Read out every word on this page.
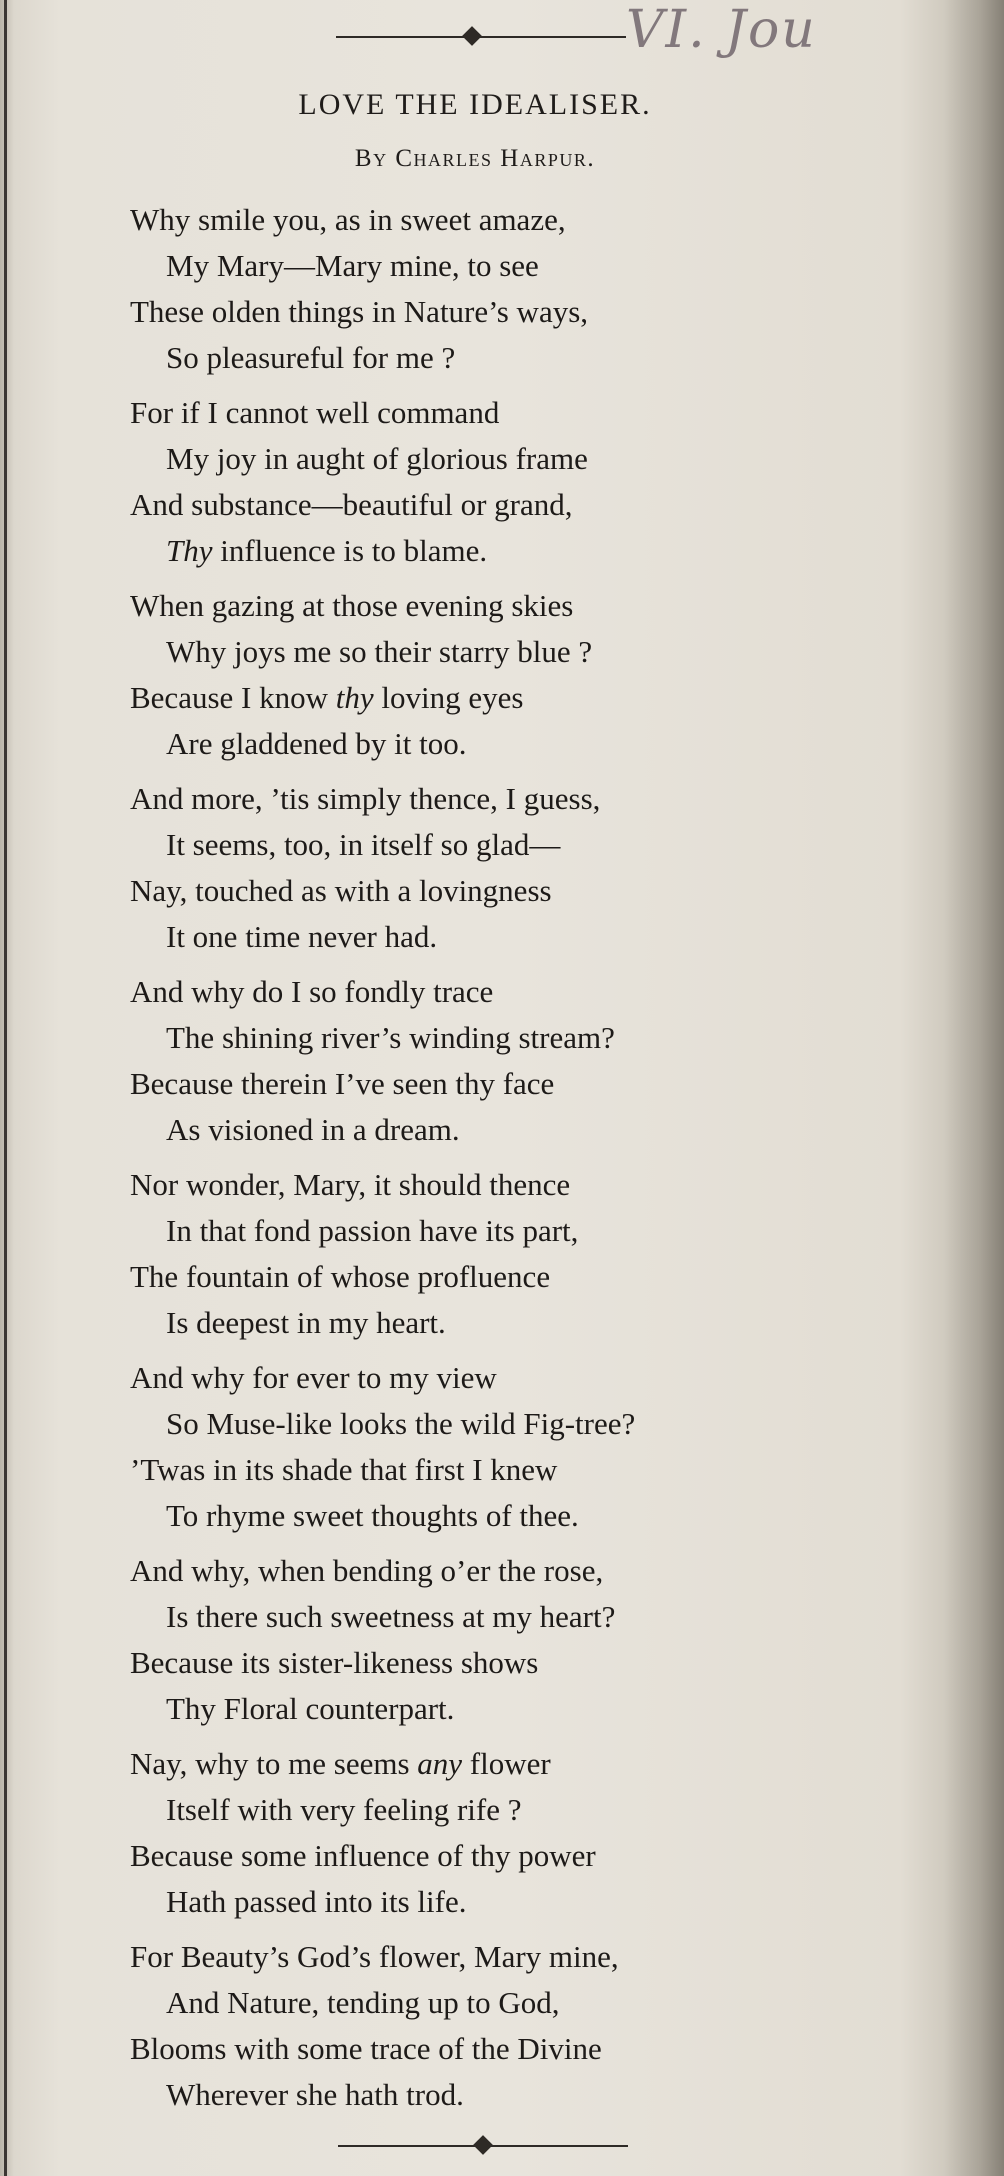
VI. Jou
LOVE THE IDEALISER.
By Charles Harpur.
Why smile you, as in sweet amaze,
My Mary—Mary mine, to see
These olden things in Nature’s ways,
So pleasureful for me ?
For if I cannot well command
My joy in aught of glorious frame
And substance—beautiful or grand,
Thy influence is to blame.
When gazing at those evening skies
Why joys me so their starry blue ?
Because I know thy loving eyes
Are gladdened by it too.
And more, ’tis simply thence, I guess,
It seems, too, in itself so glad—
Nay, touched as with a lovingness
It one time never had.
And why do I so fondly trace
The shining river’s winding stream?
Because therein I’ve seen thy face
As visioned in a dream.
Nor wonder, Mary, it should thence
In that fond passion have its part,
The fountain of whose profluence
Is deepest in my heart.
And why for ever to my view
So Muse-like looks the wild Fig-tree?
’Twas in its shade that first I knew
To rhyme sweet thoughts of thee.
And why, when bending o’er the rose,
Is there such sweetness at my heart?
Because its sister-likeness shows
Thy Floral counterpart.
Nay, why to me seems any flower
Itself with very feeling rife ?
Because some influence of thy power
Hath passed into its life.
For Beauty’s God’s flower, Mary mine,
And Nature, tending up to God,
Blooms with some trace of the Divine
Wherever she hath trod.
